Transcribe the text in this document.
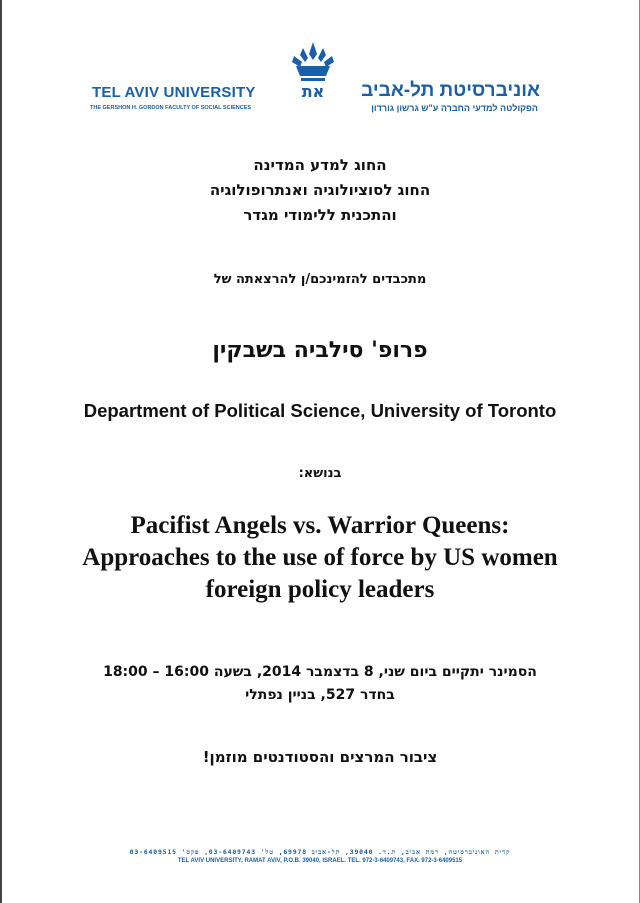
TEL AVIV UNIVERSITY
THE GERSHON H. GORDON FACULTY OF SOCIAL SCIENCES
את אוניברסיטת תל-אביב
הפקולטה למדעי החברה ע"ש גרשון גורדון
החוג למדע המדינה
החוג לסוציולוגיה ואנתרופולוגיה
והתכנית ללימודי מגדר
מתכבדים להזמינכם/ן להרצאתה של
פרופ' סילביה בשבקין
Department of Political Science, University of Toronto
בנושא:
Pacifist Angels vs. Warrior Queens:
Approaches to the use of force by US women
foreign policy leaders
הסמינר יתקיים ביום שני, 8 בדצמבר 2014, בשעה 16:00 – 18:00
בחדר 527, בניין נפתלי
ציבור המרצים והסטודנטים מוזמן!
קרית האוניברסיטה, רמת אביב, ת.ד. 39040, תל-אביב 69978, טל' 03-6409743, פקס' 03-6409515
TEL AVIV UNIVERSITY, RAMAT AVIV, P.O.B. 39040, ISRAEL. TEL. 972-3-6409743, FAX. 972-3-6409515
